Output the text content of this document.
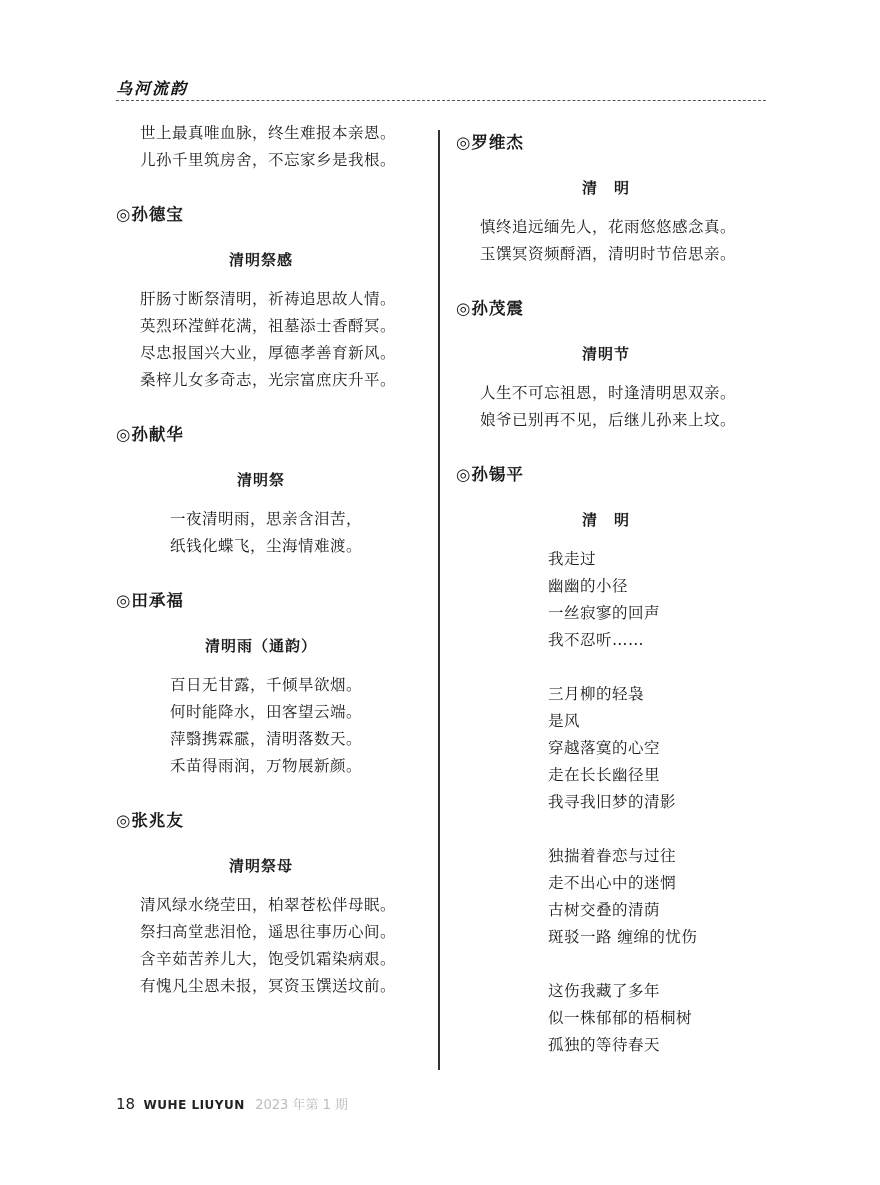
乌河流韵
世上最真唯血脉，终生难报本亲恩。
儿孙千里筑房舍，不忘家乡是我根。
◎孙德宝
清明祭感
肝肠寸断祭清明，祈祷追思故人情。
英烈环滢鲜花满，祖墓添士香酹冥。
尽忠报国兴大业，厚德孝善育新风。
桑梓儿女多奇志，光宗富庶庆升平。
◎孙献华
清明祭
一夜清明雨，思亲含泪苦，
纸钱化蝶飞，尘海情难渡。
◎田承福
清明雨（通韵）
百日无甘露，千倾旱欲烟。
何时能降水，田客望云端。
萍翳携霖霢，清明落数天。
禾苗得雨润，万物展新颜。
◎张兆友
清明祭母
清风绿水绕茔田，柏翠苍松伴母眠。
祭扫高堂悲泪怆，遥思往事历心间。
含辛茹苦养儿大，饱受饥霜染病艰。
有愧凡尘恩未报，冥资玉馔送坟前。
◎罗维杰
清　明
慎终追远缅先人，花雨悠悠感念真。
玉馔冥资频酹酒，清明时节倍思亲。
◎孙茂震
清明节
人生不可忘祖恩，时逢清明思双亲。
娘爷已别再不见，后继儿孙来上坟。
◎孙锡平
清　明
我走过
幽幽的小径
一丝寂寥的回声
我不忍听……
三月柳的轻袅
是风
穿越落寞的心空
走在长长幽径里
我寻我旧梦的清影
独揣着眷恋与过往
走不出心中的迷惘
古树交叠的清荫
斑驳一路 缠绵的忧伤
这伤我藏了多年
似一株郁郁的梧桐树
孤独的等待春天
18 WUHE LIUYUN 2023 年第 1 期
